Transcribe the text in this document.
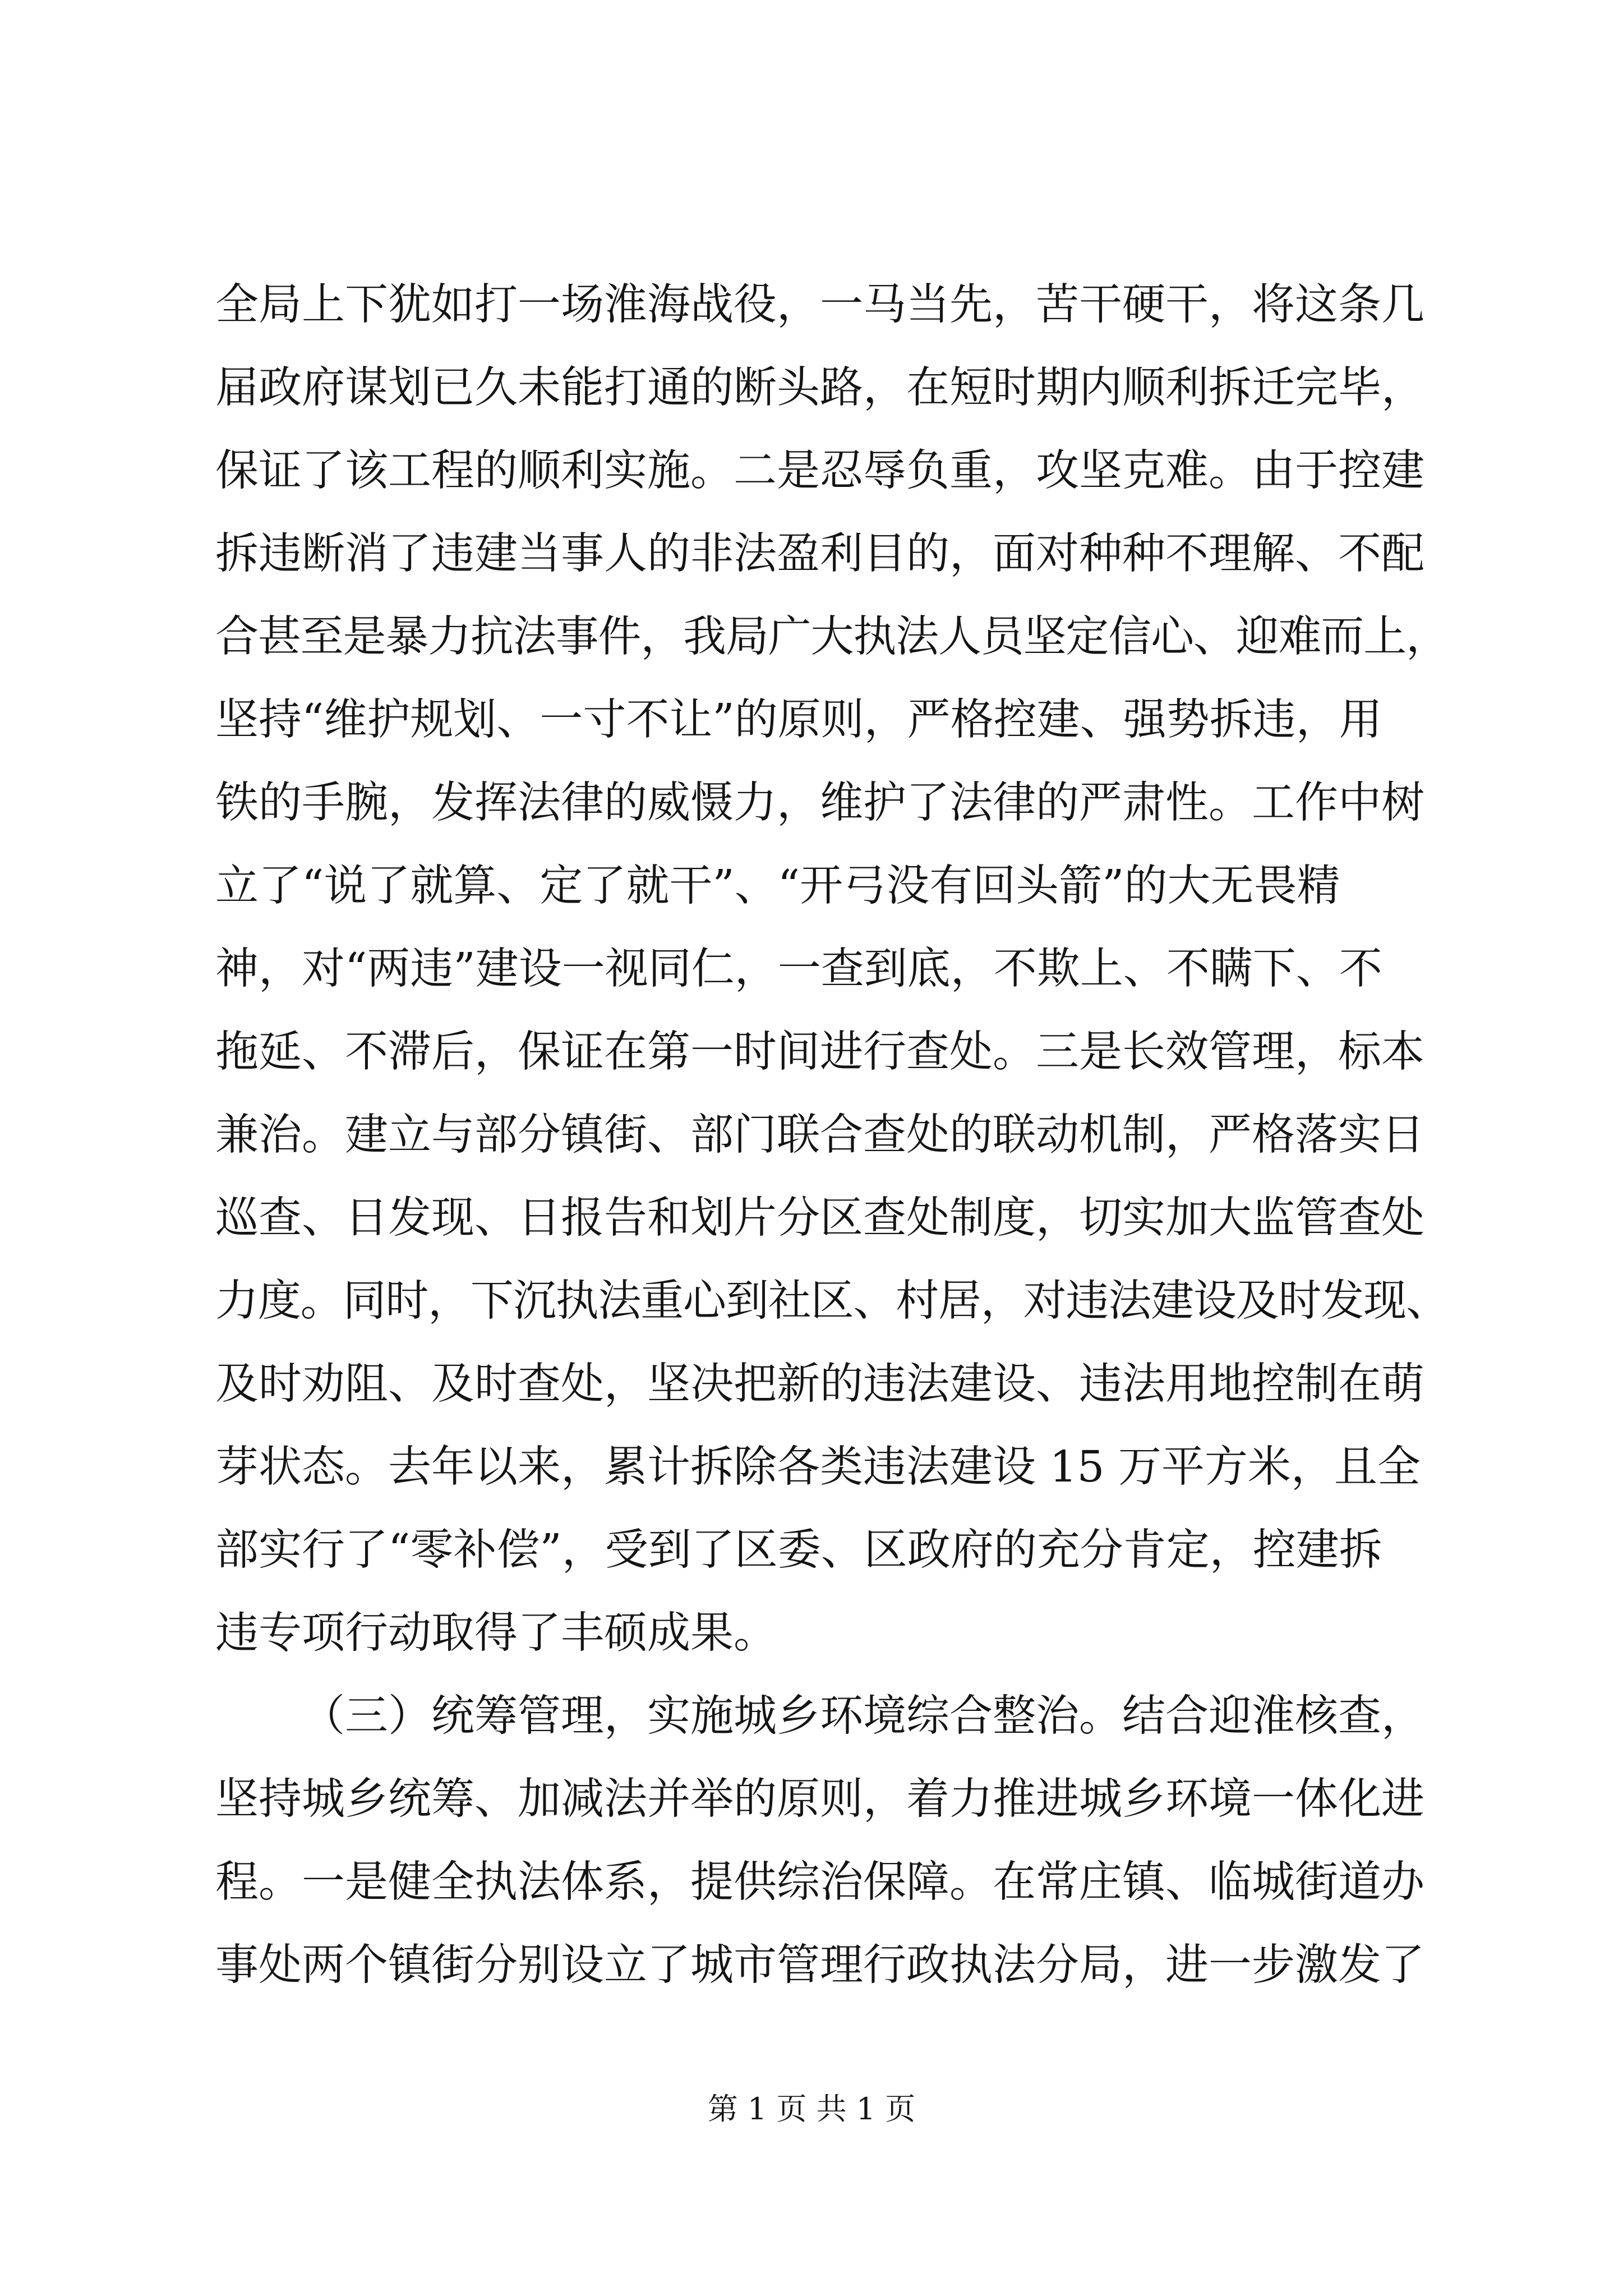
全局上下犹如打一场淮海战役，一马当先，苦干硬干，将这条几
届政府谋划已久未能打通的断头路，在短时期内顺利拆迁完毕，
保证了该工程的顺利实施。二是忍辱负重，攻坚克难。由于控建
拆违断消了违建当事人的非法盈利目的，面对种种不理解、不配
合甚至是暴力抗法事件，我局广大执法人员坚定信心、迎难而上，
坚持“维护规划、一寸不让”的原则，严格控建、强势拆违，用
铁的手腕，发挥法律的威慑力，维护了法律的严肃性。工作中树
立了“说了就算、定了就干”、“开弓没有回头箭”的大无畏精
神，对“两违”建设一视同仁，一查到底，不欺上、不瞒下、不
拖延、不滞后，保证在第一时间进行查处。三是长效管理，标本
兼治。建立与部分镇街、部门联合查处的联动机制，严格落实日
巡查、日发现、日报告和划片分区查处制度，切实加大监管查处
力度。同时，下沉执法重心到社区、村居，对违法建设及时发现、
及时劝阻、及时查处，坚决把新的违法建设、违法用地控制在萌
芽状态。去年以来，累计拆除各类违法建设 15 万平方米，且全
部实行了“零补偿”，受到了区委、区政府的充分肯定，控建拆
违专项行动取得了丰硕成果。
（三）统筹管理，实施城乡环境综合整治。结合迎淮核查，
坚持城乡统筹、加减法并举的原则，着力推进城乡环境一体化进
程。一是健全执法体系，提供综治保障。在常庄镇、临城街道办
事处两个镇街分别设立了城市管理行政执法分局，进一步激发了
第 1 页 共 1 页
